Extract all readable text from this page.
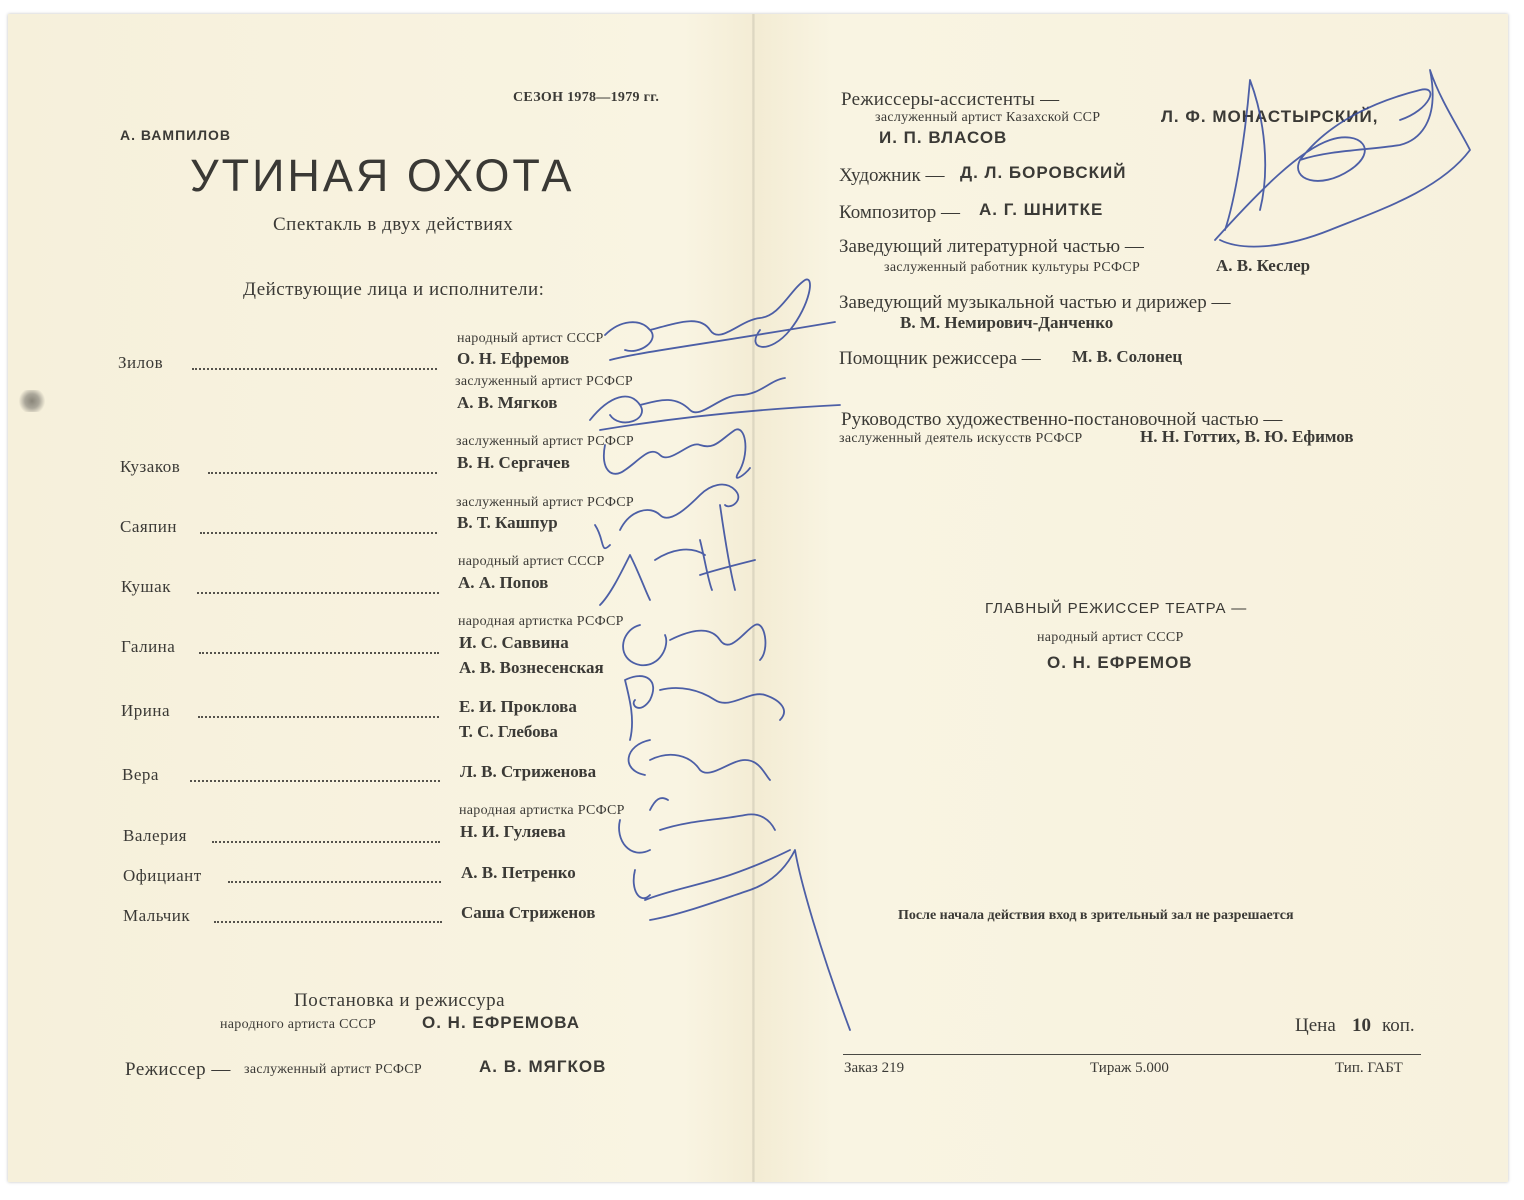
СЕЗОН 1978—1979 гг.
А. ВАМПИЛОВ
УТИНАЯ ОХОТА
Спектакль в двух действиях
Действующие лица и исполнители:
народный артист СССР
Зилов	О. Н. Ефремов
заслуженный артист РСФСР
А. В. Мягков
заслуженный артист РСФСР
Кузаков	В. Н. Сергачев
заслуженный артист РСФСР
Саяпин	В. Т. Кашпур
народный артист СССР
Кушак	А. А. Попов
народная артистка РСФСР
Галина	И. С. Саввина
А. В. Вознесенская
Ирина	Е. И. Проклова
Т. С. Глебова
Вера	Л. В. Стриженова
народная артистка РСФСР
Валерия	Н. И. Гуляева
Официант	А. В. Петренко
Мальчик	Саша Стриженов
Постановка и режиссура
народного артиста СССР	О. Н. ЕФРЕМОВА
Режиссер — заслуженный артист РСФСР	А. В. МЯГКОВ
Режиссеры-ассистенты —
заслуженный артист Казахской ССР	Л. Ф. МОНАСТЫРСКИЙ,
И. П. ВЛАСОВ
Художник — Д. Л. БОРОВСКИЙ
Композитор — А. Г. ШНИТКЕ
Заведующий литературной частью —
заслуженный работник культуры РСФСР	А. В. Кеслер
Заведующий музыкальной частью и дирижер —
В. М. Немирович-Данченко
Помощник режиссера — М. В. Солонец
Руководство художественно-постановочной частью —
заслуженный деятель искусств РСФСР	Н. Н. Готтих, В. Ю. Ефимов
ГЛАВНЫЙ РЕЖИССЕР ТЕАТРА —
народный артист СССР
О. Н. ЕФРЕМОВ
После начала действия вход в зрительный зал не разрешается
Цена 10 коп.
Заказ 219	Тираж 5.000	Тип. ГАБТ
